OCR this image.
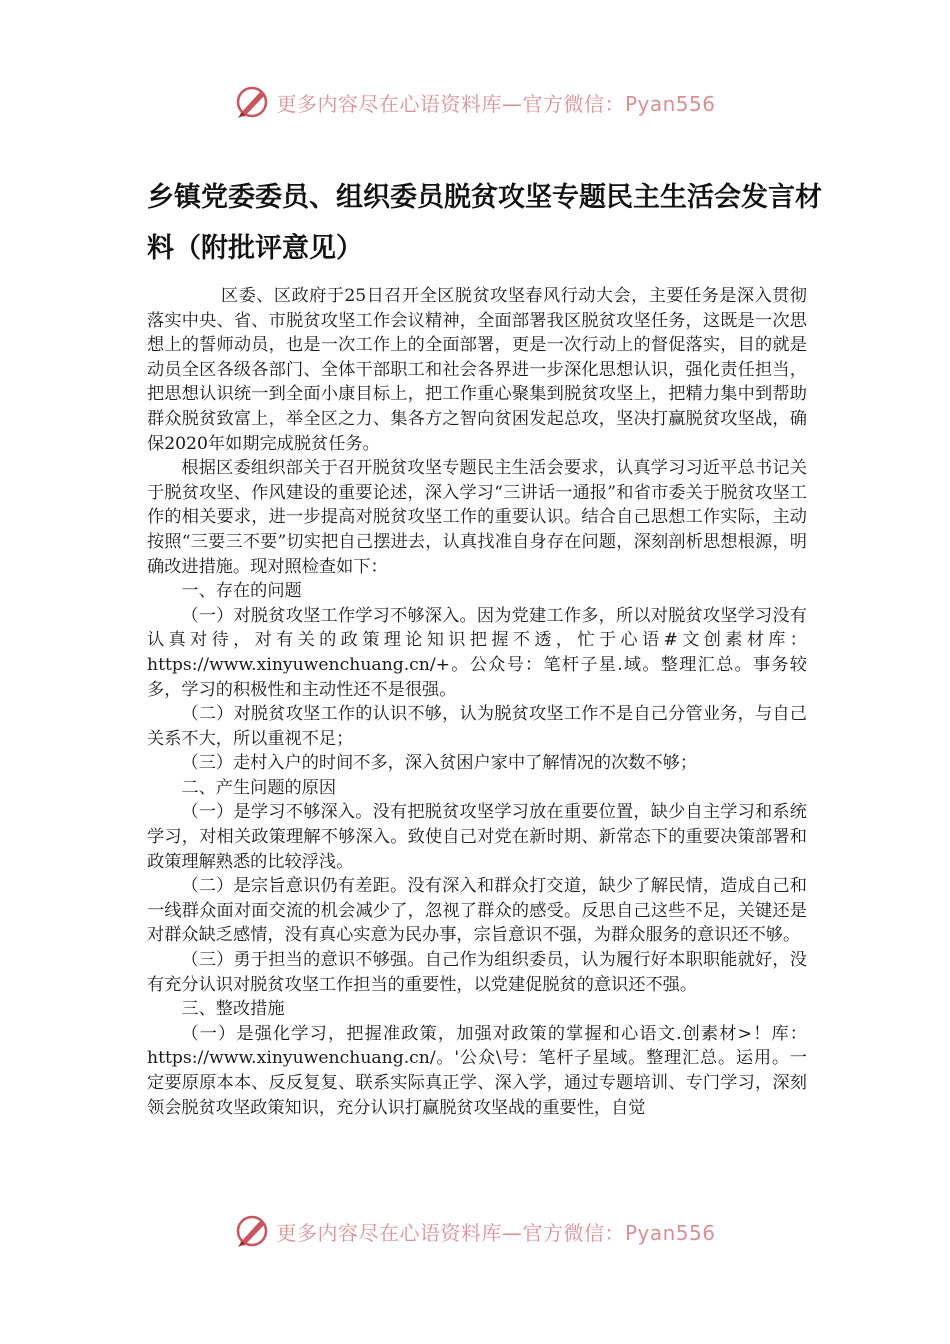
更多内容尽在心语资料库—官方微信：Pyan556
乡镇党委委员、组织委员脱贫攻坚专题民主生活会发言材料（附批评意见）

区委、区政府于25日召开全区脱贫攻坚春风行动大会，主要任务是深入贯彻落实中央、省、市脱贫攻坚工作会议精神，全面部署我区脱贫攻坚任务，这既是一次思想上的誓师动员，也是一次工作上的全面部署，更是一次行动上的督促落实，目的就是动员全区各级各部门、全体干部职工和社会各界进一步深化思想认识，强化责任担当，把思想认识统一到全面小康目标上，把工作重心聚集到脱贫攻坚上，把精力集中到帮助群众脱贫致富上，举全区之力、集各方之智向贫困发起总攻，坚决打赢脱贫攻坚战，确保2020年如期完成脱贫任务。

根据区委组织部关于召开脱贫攻坚专题民主生活会要求，认真学习习近平总书记关于脱贫攻坚、作风建设的重要论述，深入学习“三讲话一通报”和省市委关于脱贫攻坚工作的相关要求，进一步提高对脱贫攻坚工作的重要认识。结合自己思想工作实际，主动按照“三要三不要”切实把自己摆进去，认真找准自身存在问题，深刻剖析思想根源，明确改进措施。现对照检查如下：

一、存在的问题

（一）对脱贫攻坚工作学习不够深入。因为党建工作多，所以对脱贫攻坚学习没有认真对待，对有关的政策理论知识把握不透，忙于心语#文创素材库：https://www.xinyuwenchuang.cn/+。公众号：笔杆子星.域。整理汇总。事务较多，学习的积极性和主动性还不是很强。

（二）对脱贫攻坚工作的认识不够，认为脱贫攻坚工作不是自己分管业务，与自己关系不大，所以重视不足；

（三）走村入户的时间不多，深入贫困户家中了解情况的次数不够；

二、产生问题的原因

（一）是学习不够深入。没有把脱贫攻坚学习放在重要位置，缺少自主学习和系统学习，对相关政策理解不够深入。致使自己对党在新时期、新常态下的重要决策部署和政策理解熟悉的比较浮浅。

（二）是宗旨意识仍有差距。没有深入和群众打交道，缺少了解民情，造成自己和一线群众面对面交流的机会减少了，忽视了群众的感受。反思自己这些不足，关键还是对群众缺乏感情，没有真心实意为民办事，宗旨意识不强，为群众服务的意识还不够。

（三）勇于担当的意识不够强。自己作为组织委员，认为履行好本职职能就好，没有充分认识对脱贫攻坚工作担当的重要性，以党建促脱贫的意识还不强。

三、整改措施

（一）是强化学习，把握准政策，加强对政策的掌握和心语文.创素材>！库：https://www.xinyuwenchuang.cn/。'公众\号：笔杆子星域。整理汇总。运用。一定要原原本本、反反复复、联系实际真正学、深入学，通过专题培训、专门学习，深刻领会脱贫攻坚政策知识，充分认识打赢脱贫攻坚战的重要性，自觉

更多内容尽在心语资料库—官方微信：Pyan556
